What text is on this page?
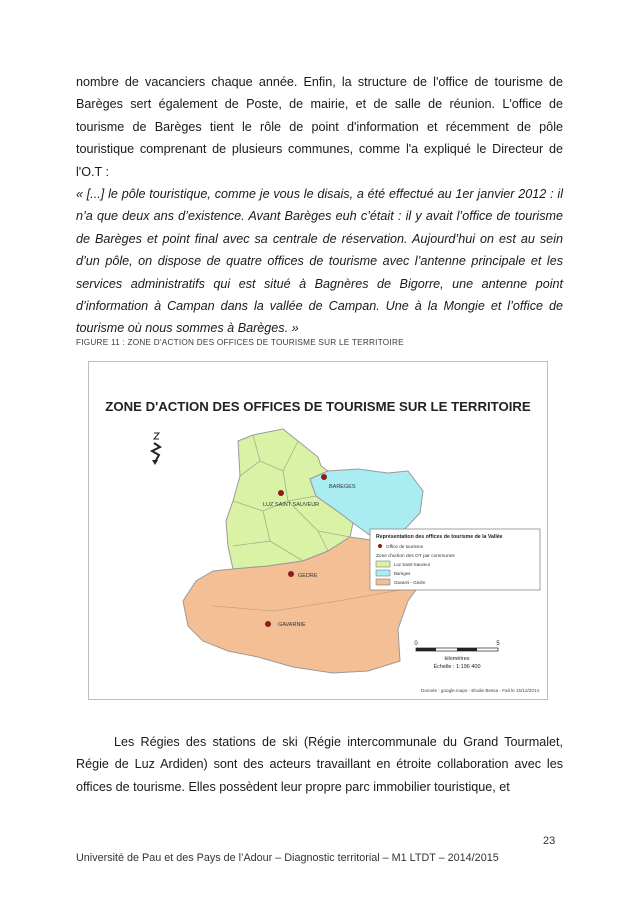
nombre de vacanciers chaque année. Enfin, la structure de l'office de tourisme de Barèges sert également de Poste, de mairie, et de salle de réunion. L'office de tourisme de Barèges tient le rôle de point d'information et récemment de pôle touristique comprenant de plusieurs communes, comme l'a expliqué le Directeur de l'O.T :

« [...] le pôle touristique, comme je vous le disais, a été effectué au 1er janvier 2012 : il n’a que deux ans d’existence. Avant Barèges euh c’était : il y avait l’office de tourisme de Barèges et point final avec sa centrale de réservation. Aujourd’hui on est au sein d’un pôle, on dispose de quatre offices de tourisme avec l’antenne principale et les services administratifs qui est situé à Bagnères de Bigorre, une antenne point d’information à Campan dans la vallée de Campan. Une à la Mongie et l’office de tourisme où nous sommes à Barèges. »

FIGURE 11 : ZONE D'ACTION DES OFFICES DE TOURISME SUR LE TERRITOIRE
ZONE D'ACTION DES OFFICES DE TOURISME SUR LE TERRITOIRE
BAREGES
LUZ SAINT SAUVEUR
GEDRE
GAVARNIE
Représentation des offices de tourisme de la Vallée
Office de tourisme
Zone d'action des OT par communes
Luz Saint-Sauveur
Barèges
Gavarni - Gèdre
0	5
kilomètres
Échelle : 1:196 400
Donnée : google.maps - Elodie Bessa - Fait le 15/12/2014

Les Régies des stations de ski (Régie intercommunale du Grand Tourmalet, Régie de Luz Ardiden) sont des acteurs travaillant en étroite collaboration avec les offices de tourisme. Elles possèdent leur propre parc immobilier touristique, et

23
Université de Pau et des Pays de l’Adour – Diagnostic territorial – M1 LTDT – 2014/2015
